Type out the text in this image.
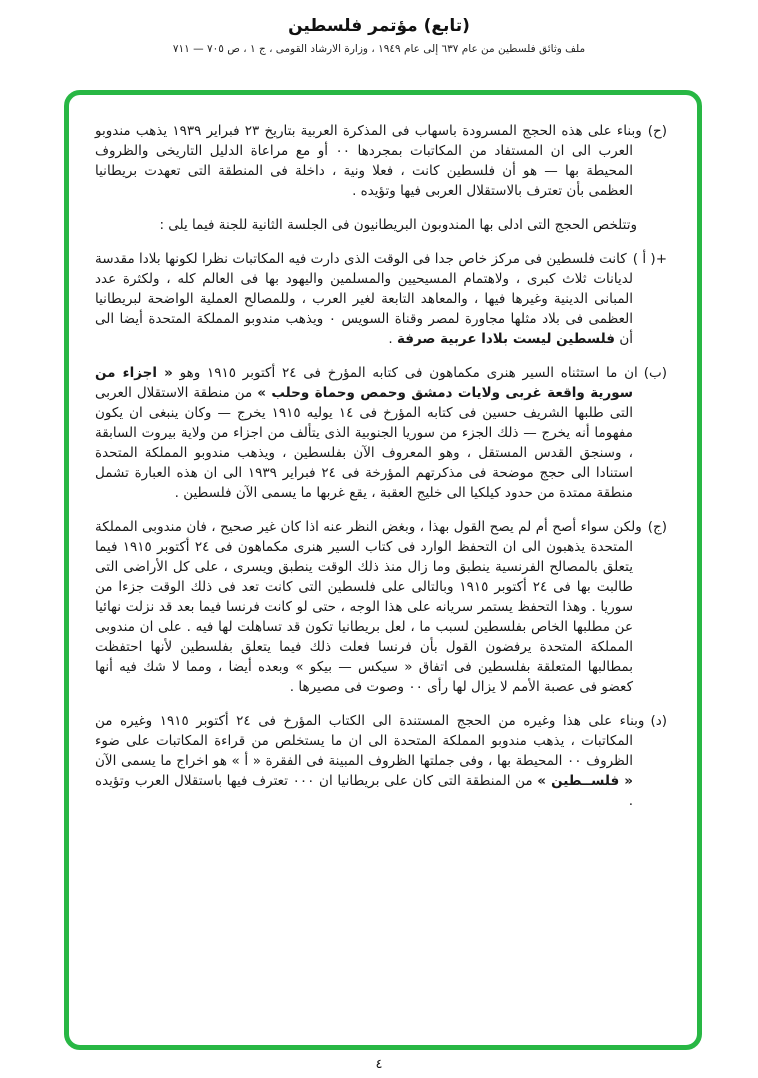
(تابع) مؤتمر فلسطين
ملف وثائق فلسطين من عام ٦٣٧ إلى عام ١٩٤٩ ، وزارة الارشاد القومى ، ج ١ ، ص ٧٠٥ — ٧١١

(ح)وبناء على هذه الحجج المسرودة باسهاب فى المذكرة العربية بتاريخ ٢٣ فبراير ١٩٣٩ يذهب مندوبو العرب الى ان المستفاد من المكاتبات بمجردها ٠٠ أو مع مراعاة الدليل التاريخى والظروف المحيطة بها — هو أن فلسطين كانت ، فعلا ونية ، داخلة فى المنطقة التى تعهدت بريطانيا العظمى بأن تعترف بالاستقلال العربى فيها وتؤيده .

وتتلخص الحجج التى ادلى بها المندوبون البريطانيون فى الجلسة الثانية للجنة فيما يلى :

+( أ )كانت فلسطين فى مركز خاص جدا فى الوقت الذى دارت فيه المكاتبات نظرا لكونها بلادا مقدسة لديانات ثلاث كبرى ، ولاهتمام المسيحيين والمسلمين واليهود بها فى العالم كله ، ولكثرة عدد المبانى الدينية وغيرها فيها ، والمعاهد التابعة لغير العرب ، وللمصالح العملية الواضحة لبريطانيا العظمى فى بلاد مثلها مجاورة لمصر وقناة السويس ٠ ويذهب مندوبو المملكة المتحدة أيضا الى أن فلسطين ليست بلادا عربية صرفة .

(ب)ان ما استثناه السير هنرى مكماهون فى كتابه المؤرخ فى ٢٤ أكتوبر ١٩١٥ وهو « اجزاء من سورية واقعة غربى ولايات دمشق وحمص وحماة وحلب » من منطقة الاستقلال العربى التى طلبها الشريف حسين فى كتابه المؤرخ فى ١٤ يوليه ١٩١٥ يخرج — وكان ينبغى ان يكون مفهوما أنه يخرج — ذلك الجزء من سوريا الجنوبية الذى يتألف من اجزاء من ولاية بيروت السابقة ، وسنجق القدس المستقل ، وهو المعروف الآن بفلسطين ، ويذهب مندوبو المملكة المتحدة استنادا الى حجج موضحة فى مذكرتهم المؤرخة فى ٢٤ فبراير ١٩٣٩ الى ان هذه العبارة تشمل منطقة ممتدة من حدود كيلكيا الى خليج العقبة ، يقع غربها ما يسمى الآن فلسطين .

(ج)ولكن سواء أصح أم لم يصح القول بهذا ، وبغض النظر عنه اذا كان غير صحيح ، فان مندوبى المملكة المتحدة يذهبون الى ان التحفظ الوارد فى كتاب السير هنرى مكماهون فى ٢٤ أكتوبر ١٩١٥ فيما يتعلق بالمصالح الفرنسية ينطبق وما زال منذ ذلك الوقت ينطبق ويسرى ، على كل الأراضى التى طالبت بها فى ٢٤ أكتوبر ١٩١٥ وبالتالى على فلسطين التى كانت تعد فى ذلك الوقت جزءا من سوريا . وهذا التحفظ يستمر سريانه على هذا الوجه ، حتى لو كانت فرنسا فيما بعد قد نزلت نهائيا عن مطلبها الخاص بفلسطين لسبب ما ، لعل بريطانيا تكون قد تساهلت لها فيه . على ان مندوبى المملكة المتحدة يرفضون القول بأن فرنسا فعلت ذلك فيما يتعلق بفلسطين لأنها احتفظت بمطالبها المتعلقة بفلسطين فى اتفاق « سيكس — بيكو » وبعده أيضا ، ومما لا شك فيه أنها كعضو فى عصبة الأمم لا يزال لها رأى ٠٠ وصوت فى مصيرها .

(د)وبناء على هذا وغيره من الحجج المستندة الى الكتاب المؤرخ فى ٢٤ أكتوبر ١٩١٥ وغيره من المكاتبات ، يذهب مندوبو المملكة المتحدة الى ان ما يستخلص من قراءة المكاتبات على ضوء الظروف ٠٠ المحيطة بها ، وفى جملتها الظروف المبينة فى الفقرة « أ » هو اخراج ما يسمى الآن « فلســطين » من المنطقة التى كان على بريطانيا ان ٠٠٠ تعترف فيها باستقلال العرب وتؤيده .

٤
